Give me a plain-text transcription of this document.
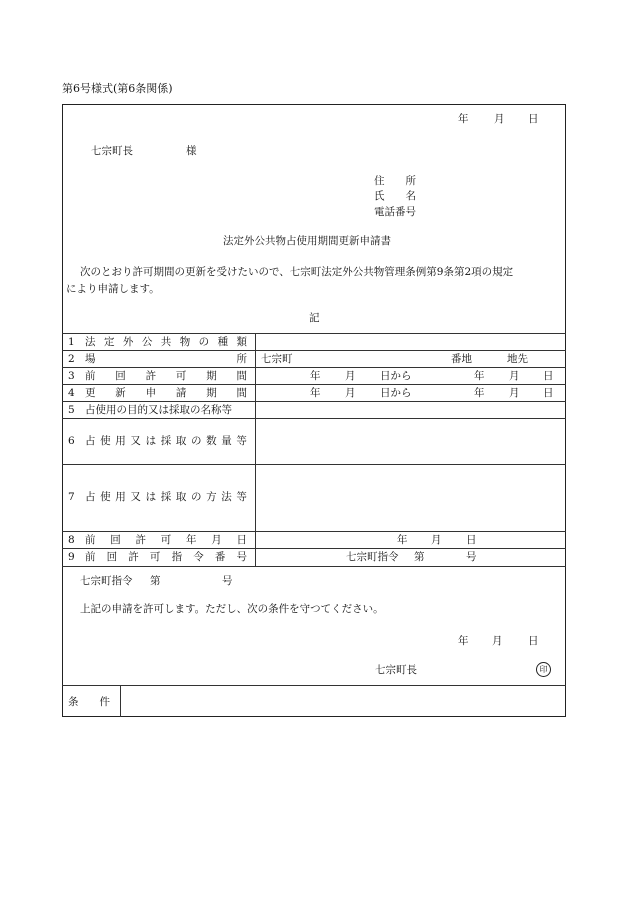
第6号様式(第6条関係)
年 月 日
七宗町長	様
住　　所
氏　　名
電話番号
法定外公共物占使用期間更新申請書
次のとおり許可期間の更新を受けたいので、七宗町法定外公共物管理条例第9条第2項の規定
により申請します。
記
1 法 定 外 公 共 物 の 種 類
2 場	所 七宗町	番地	地先
3 前 回 許 可 期 間	年 月 日から	年 月 日
4 更 新 申 請 期 間	年 月 日から	年 月 日
5 占使用の目的又は採取の名称等
6 占 使 用 又 は 採 取 の 数 量 等
7 占 使 用 又 は 採 取 の 方 法 等
8 前 回 許 可 年 月 日	年 月 日
9 前 回 許 可 指 令 番 号	七宗町指令 第	号
七宗町指令 第	号
上記の申請を許可します。ただし、次の条件を守つてください。
年 月 日
七宗町長	印
条　　件
